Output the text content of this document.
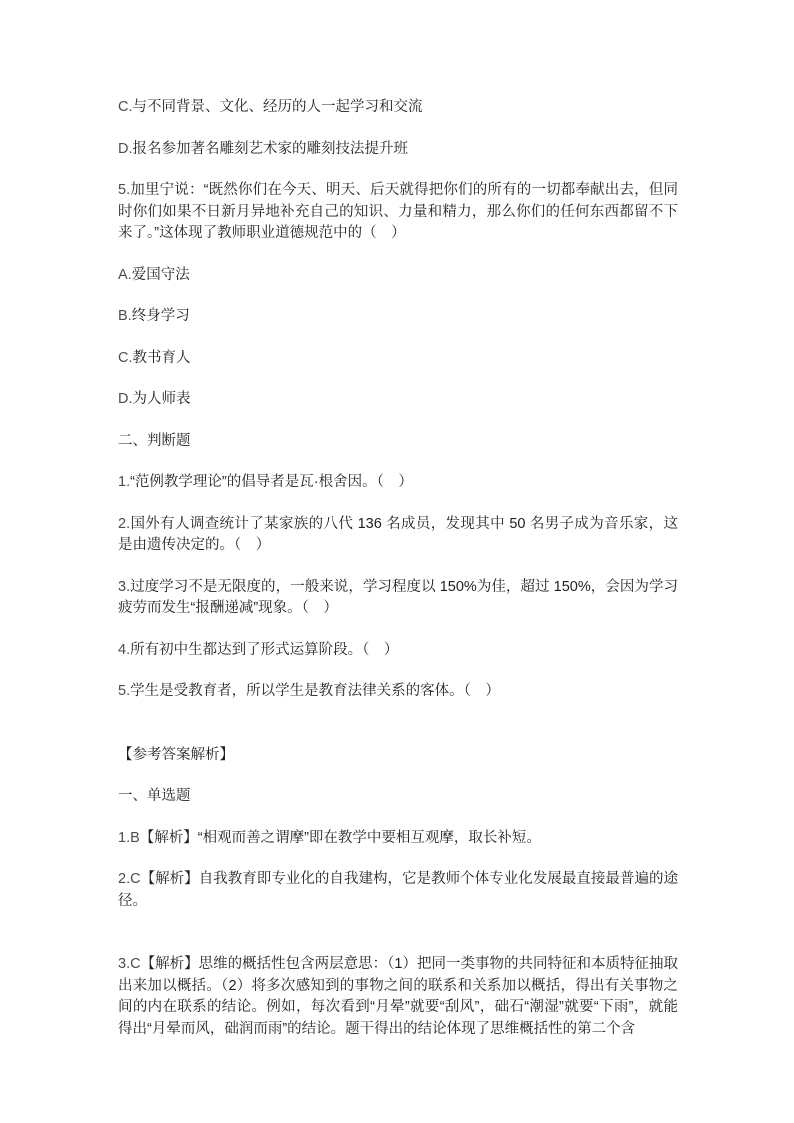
C.与不同背景、文化、经历的人一起学习和交流

D.报名参加著名雕刻艺术家的雕刻技法提升班

5.加里宁说：“既然你们在今天、明天、后天就得把你们的所有的一切都奉献出去，但同时你们如果不日新月异地补充自己的知识、力量和精力，那么你们的任何东西都留不下来了。”这体现了教师职业道德规范中的（　）

A.爱国守法

B.终身学习

C.教书育人

D.为人师表

二、判断题

1.“范例教学理论”的倡导者是瓦·根舍因。（　）

2.国外有人调查统计了某家族的八代 136 名成员，发现其中 50 名男子成为音乐家，这是由遗传决定的。（　）

3.过度学习不是无限度的，一般来说，学习程度以 150%为佳，超过 150%，会因为学习疲劳而发生“报酬递减”现象。（　）

4.所有初中生都达到了形式运算阶段。（　）

5.学生是受教育者，所以学生是教育法律关系的客体。（　）

【参考答案解析】

一、单选题

1.B【解析】“相观而善之谓摩”即在教学中要相互观摩，取长补短。

2.C【解析】自我教育即专业化的自我建构，它是教师个体专业化发展最直接最普遍的途径。

3.C【解析】思维的概括性包含两层意思：（1）把同一类事物的共同特征和本质特征抽取出来加以概括。（2）将多次感知到的事物之间的联系和关系加以概括，得出有关事物之间的内在联系的结论。例如，每次看到“月晕”就要“刮风”，础石“潮湿”就要“下雨”，就能得出“月晕而风，础润而雨”的结论。题干得出的结论体现了思维概括性的第二个含
